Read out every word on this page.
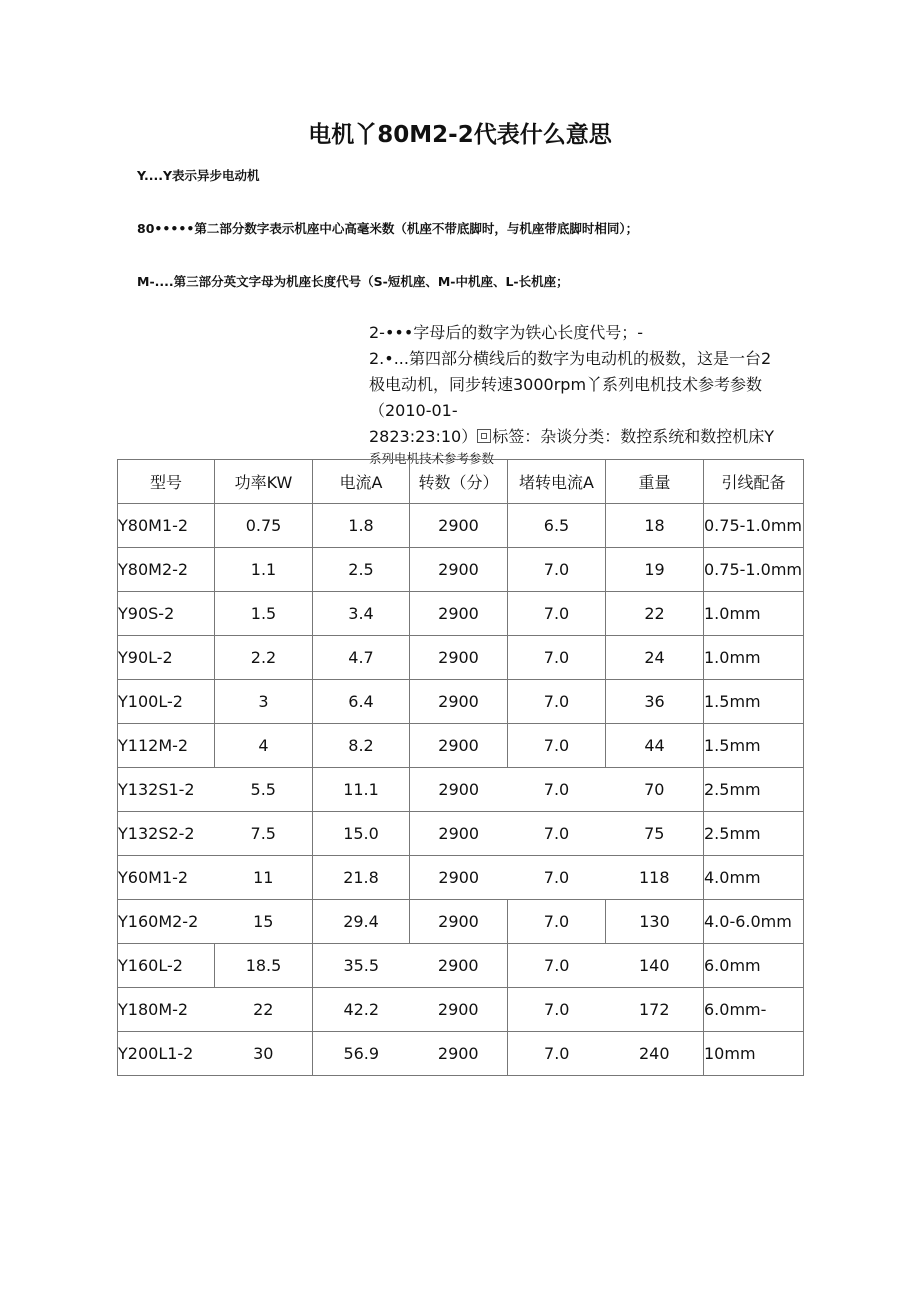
电机丫80M2-2代表什么意思
Y....Y表示异步电动机
80•••••第二部分数字表示机座中心高毫米数（机座不带底脚时，与机座带底脚时相同）；
M-....第三部分英文字母为机座长度代号（S-短机座、M-中机座、L-长机座；
2-•••字母后的数字为铁心长度代号；-
2.•...第四部分横线后的数字为电动机的极数，这是一台2
极电动机，同步转速3000rpm丫系列电机技术参考参数
（2010-01-
2823:23:10） 标签：杂谈分类：数控系统和数控机床Y
系列电机技术参考参数
型号	功率KW	电流A	转数（分）	堵转电流A	重量	引线配备
Y80M1-2	0.75	1.8	2900	6.5	18	0.75-1.0mm
Y80M2-2	1.1	2.5	2900	7.0	19	0.75-1.0mm
Y90S-2	1.5	3.4	2900	7.0	22	1.0mm
Y90L-2	2.2	4.7	2900	7.0	24	1.0mm
Y100L-2	3	6.4	2900	7.0	36	1.5mm
Y112M-2	4	8.2	2900	7.0	44	1.5mm
Y132S1-2	5.5	11.1	2900	7.0	70	2.5mm
Y132S2-2	7.5	15.0	2900	7.0	75	2.5mm
Y60M1-2	11	21.8	2900	7.0	118	4.0mm
Y160M2-2	15	29.4	2900	7.0	130	4.0-6.0mm
Y160L-2	18.5	35.5	2900	7.0	140	6.0mm
Y180M-2	22	42.2	2900	7.0	172	6.0mm-
Y200L1-2	30	56.9	2900	7.0	240	10mm
